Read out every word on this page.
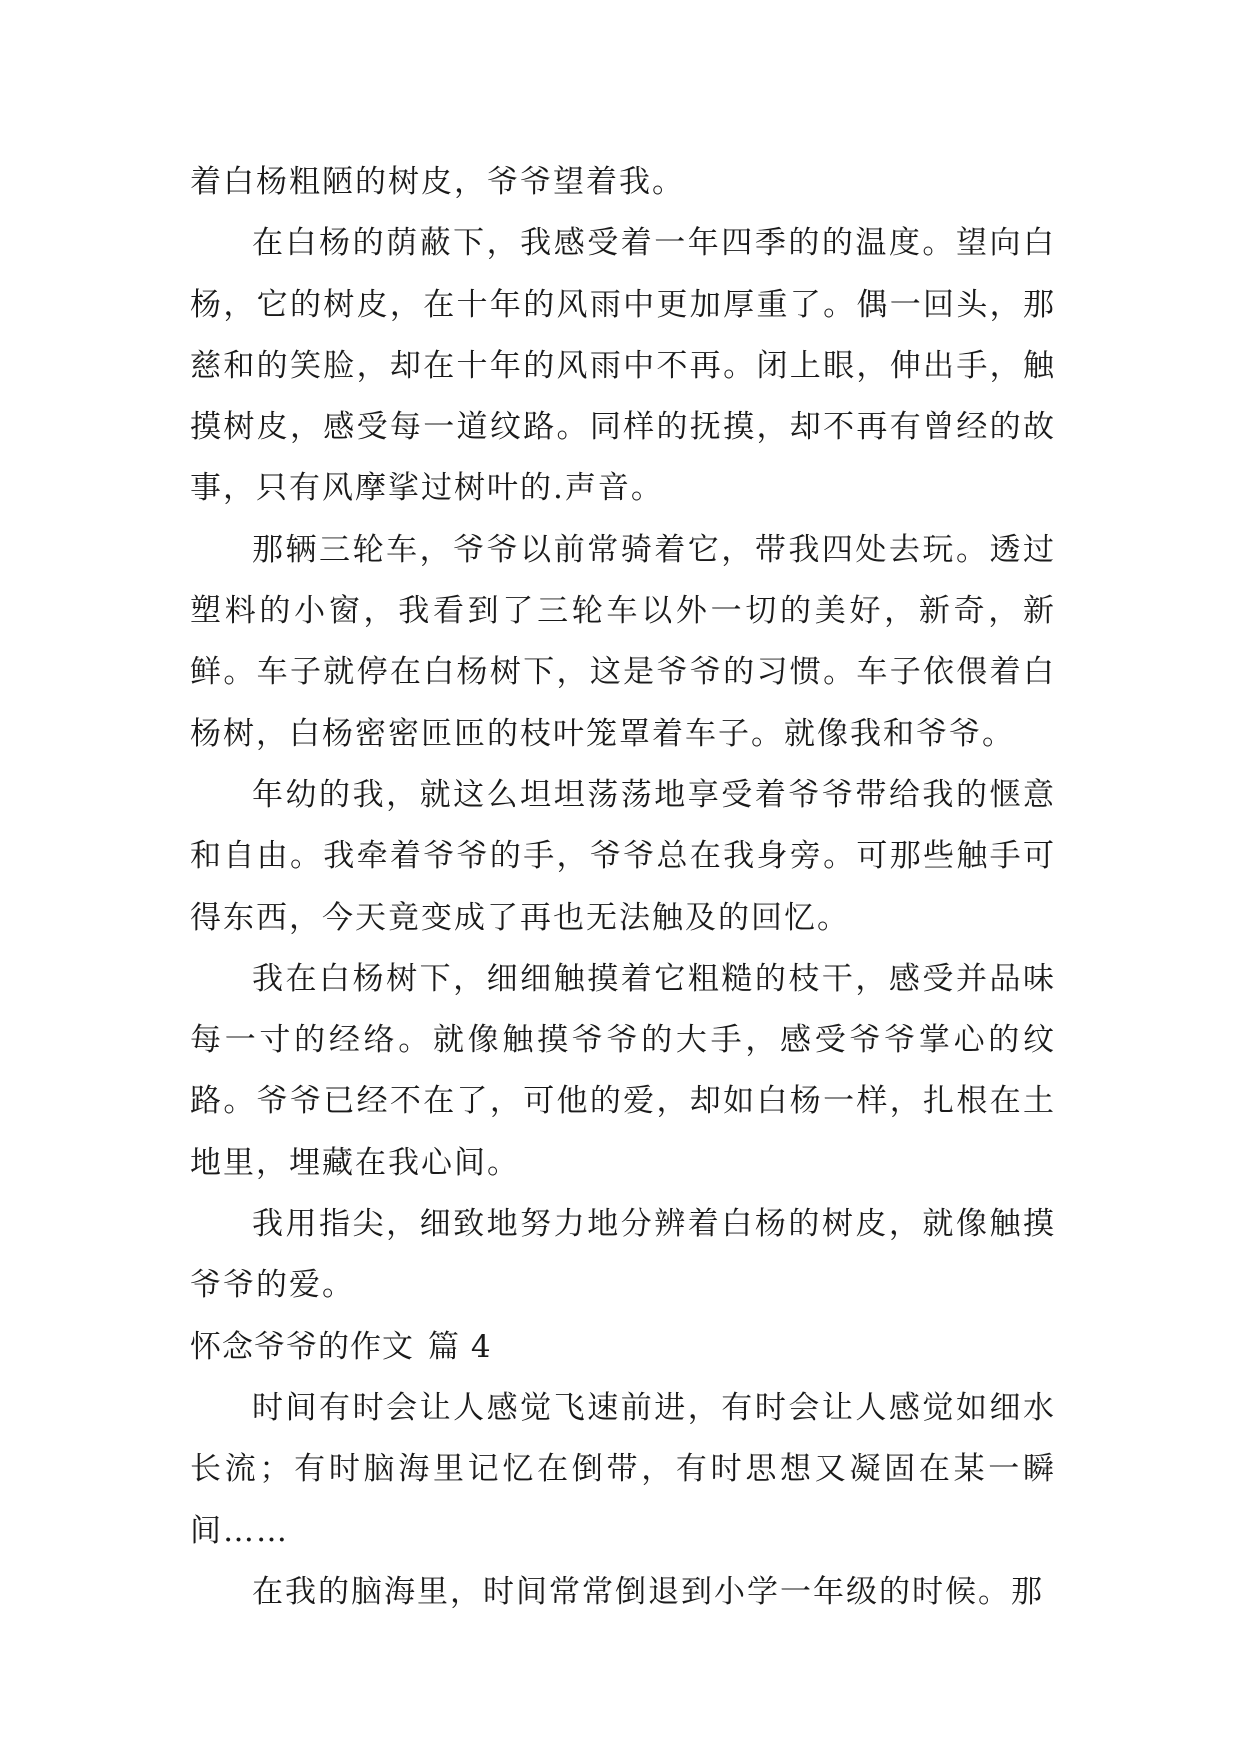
着白杨粗陋的树皮，爷爷望着我。

在白杨的荫蔽下，我感受着一年四季的的温度。望向白杨，它的树皮，在十年的风雨中更加厚重了。偶一回头，那慈和的笑脸，却在十年的风雨中不再。闭上眼，伸出手，触摸树皮，感受每一道纹路。同样的抚摸，却不再有曾经的故事，只有风摩挲过树叶的.声音。

那辆三轮车，爷爷以前常骑着它，带我四处去玩。透过塑料的小窗，我看到了三轮车以外一切的美好，新奇，新鲜。车子就停在白杨树下，这是爷爷的习惯。车子依偎着白杨树，白杨密密匝匝的枝叶笼罩着车子。就像我和爷爷。

年幼的我，就这么坦坦荡荡地享受着爷爷带给我的惬意和自由。我牵着爷爷的手，爷爷总在我身旁。可那些触手可得东西，今天竟变成了再也无法触及的回忆。

我在白杨树下，细细触摸着它粗糙的枝干，感受并品味每一寸的经络。就像触摸爷爷的大手，感受爷爷掌心的纹路。爷爷已经不在了，可他的爱，却如白杨一样，扎根在土地里，埋藏在我心间。

我用指尖，细致地努力地分辨着白杨的树皮，就像触摸爷爷的爱。

怀念爷爷的作文 篇 4

时间有时会让人感觉飞速前进，有时会让人感觉如细水长流；有时脑海里记忆在倒带，有时思想又凝固在某一瞬间……

在我的脑海里，时间常常倒退到小学一年级的时候。那
